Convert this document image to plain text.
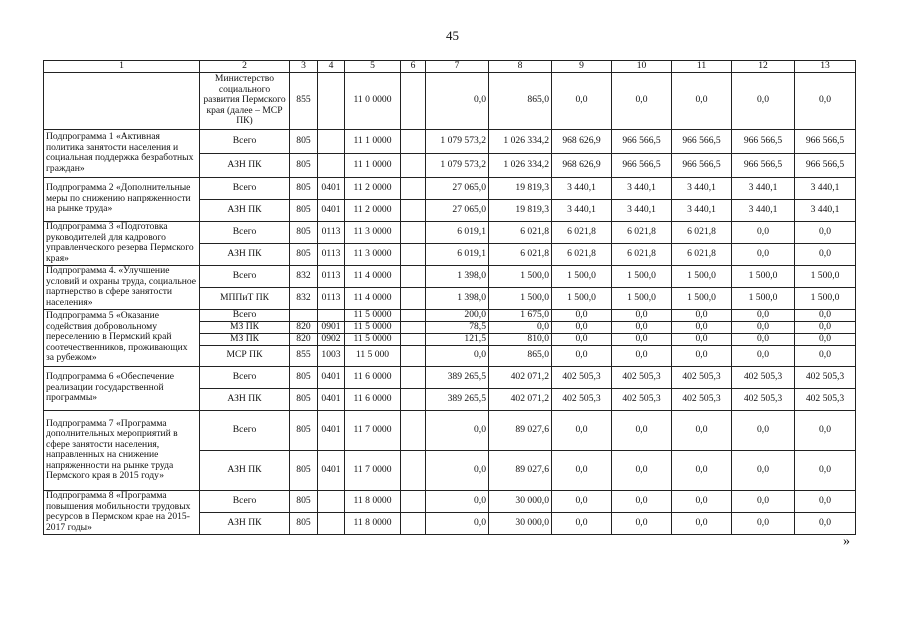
45
1	2	3	4	5	6	7	8	9	10	11	12	13
	Министерство социального развития Пермского края (далее – МСР ПК)	855		11 0 0000		0,0	865,0	0,0	0,0	0,0	0,0	0,0
Подпрограмма 1 «Активная политика занятости населения и социальная поддержка безработных граждан»	Всего	805		11 1 0000		1 079 573,2	1 026 334,2	968 626,9	966 566,5	966 566,5	966 566,5	966 566,5
	АЗН ПК	805		11 1 0000		1 079 573,2	1 026 334,2	968 626,9	966 566,5	966 566,5	966 566,5	966 566,5
Подпрограмма 2 «Дополнительные меры по снижению напряженности на рынке труда»	Всего	805	0401	11 2 0000		27 065,0	19 819,3	3 440,1	3 440,1	3 440,1	3 440,1	3 440,1
	АЗН ПК	805	0401	11 2 0000		27 065,0	19 819,3	3 440,1	3 440,1	3 440,1	3 440,1	3 440,1
Подпрограмма 3 «Подготовка руководителей для кадрового управленческого резерва Пермского края»	Всего	805	0113	11 3 0000		6 019,1	6 021,8	6 021,8	6 021,8	6 021,8	0,0	0,0
	АЗН ПК	805	0113	11 3 0000		6 019,1	6 021,8	6 021,8	6 021,8	6 021,8	0,0	0,0
Подпрограмма 4. «Улучшение условий и охраны труда, социальное партнерство в сфере занятости населения»	Всего	832	0113	11 4 0000		1 398,0	1 500,0	1 500,0	1 500,0	1 500,0	1 500,0	1 500,0
	МППиТ ПК	832	0113	11 4 0000		1 398,0	1 500,0	1 500,0	1 500,0	1 500,0	1 500,0	1 500,0
Подпрограмма 5 «Оказание содействия добровольному переселению в Пермский край соотечественников, проживающих за рубежом»	Всего			11 5 0000		200,0	1 675,0	0,0	0,0	0,0	0,0	0,0
	МЗ ПК	820	0901	11 5 0000		78,5	0,0	0,0	0,0	0,0	0,0	0,0
	МЗ ПК	820	0902	11 5 0000		121,5	810,0	0,0	0,0	0,0	0,0	0,0
	МСР ПК	855	1003	11 5 000		0,0	865,0	0,0	0,0	0,0	0,0	0,0
Подпрограмма 6 «Обеспечение реализации государственной программы»	Всего	805	0401	11 6 0000		389 265,5	402 071,2	402 505,3	402 505,3	402 505,3	402 505,3	402 505,3
	АЗН ПК	805	0401	11 6 0000		389 265,5	402 071,2	402 505,3	402 505,3	402 505,3	402 505,3	402 505,3
Подпрограмма 7 «Программа дополнительных мероприятий в сфере занятости населения, направленных на снижение напряженности на рынке труда Пермского края в 2015 году»	Всего	805	0401	11 7 0000		0,0	89 027,6	0,0	0,0	0,0	0,0	0,0
	АЗН ПК	805	0401	11 7 0000		0,0	89 027,6	0,0	0,0	0,0	0,0	0,0
Подпрограмма 8 «Программа повышения мобильности трудовых ресурсов в Пермском крае на 2015-2017 годы»	Всего	805		11 8 0000		0,0	30 000,0	0,0	0,0	0,0	0,0	0,0
	АЗН ПК	805		11 8 0000		0,0	30 000,0	0,0	0,0	0,0	0,0	0,0
»
